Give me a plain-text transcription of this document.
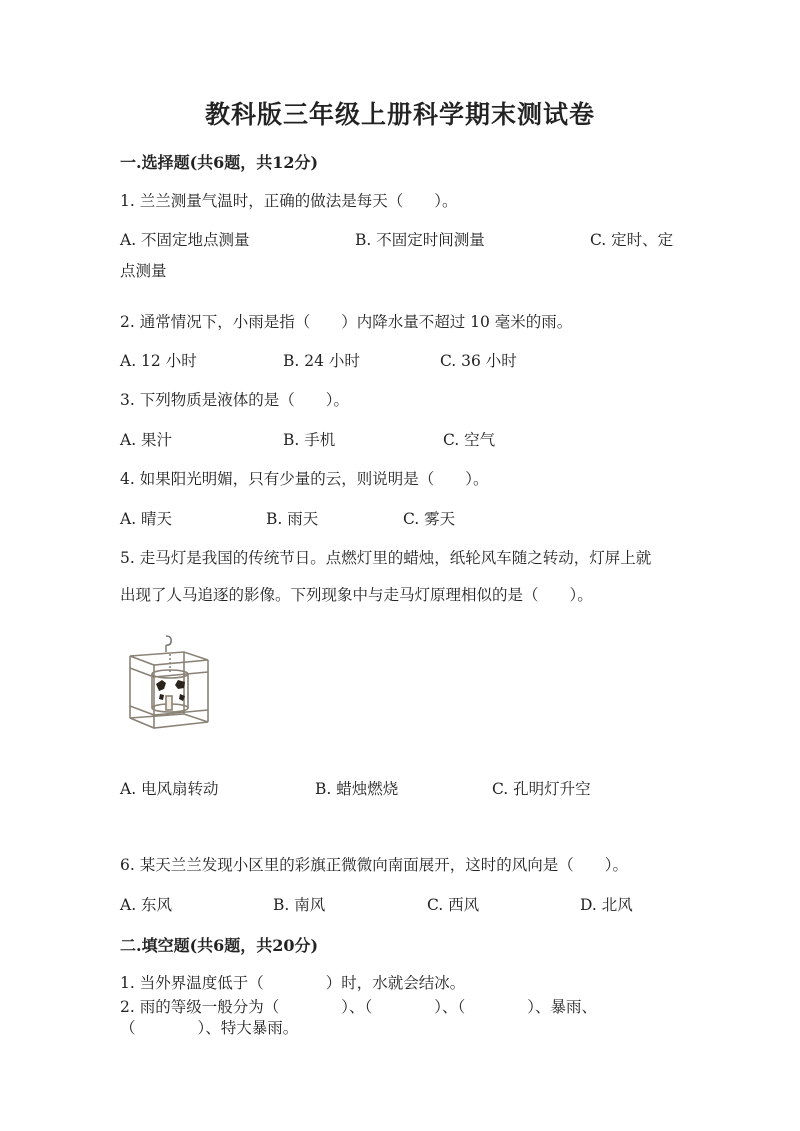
教科版三年级上册科学期末测试卷
一.选择题(共6题，共12分)
1. 兰兰测量气温时，正确的做法是每天（　　）。
A. 不固定地点测量	B. 不固定时间测量	C. 定时、定
点测量
2. 通常情况下，小雨是指（　　）内降水量不超过 10 毫米的雨。
A. 12 小时	B. 24 小时	C. 36 小时
3. 下列物质是液体的是（　　）。
A. 果汁	B. 手机	C. 空气
4. 如果阳光明媚，只有少量的云，则说明是（　　）。
A. 晴天	B. 雨天	C. 雾天
5. 走马灯是我国的传统节日。点燃灯里的蜡烛，纸轮风车随之转动，灯屏上就
出现了人马追逐的影像。下列现象中与走马灯原理相似的是（　　）。
A. 电风扇转动	B. 蜡烛燃烧	C. 孔明灯升空
6. 某天兰兰发现小区里的彩旗正微微向南面展开，这时的风向是（　　）。
A. 东风	B. 南风	C. 西风	D. 北风
二.填空题(共6题，共20分)
1. 当外界温度低于（　　　　）时，水就会结冰。
2. 雨的等级一般分为（　　　　）、（　　　　）、（　　　　）、暴雨、
（　　　　）、特大暴雨。
